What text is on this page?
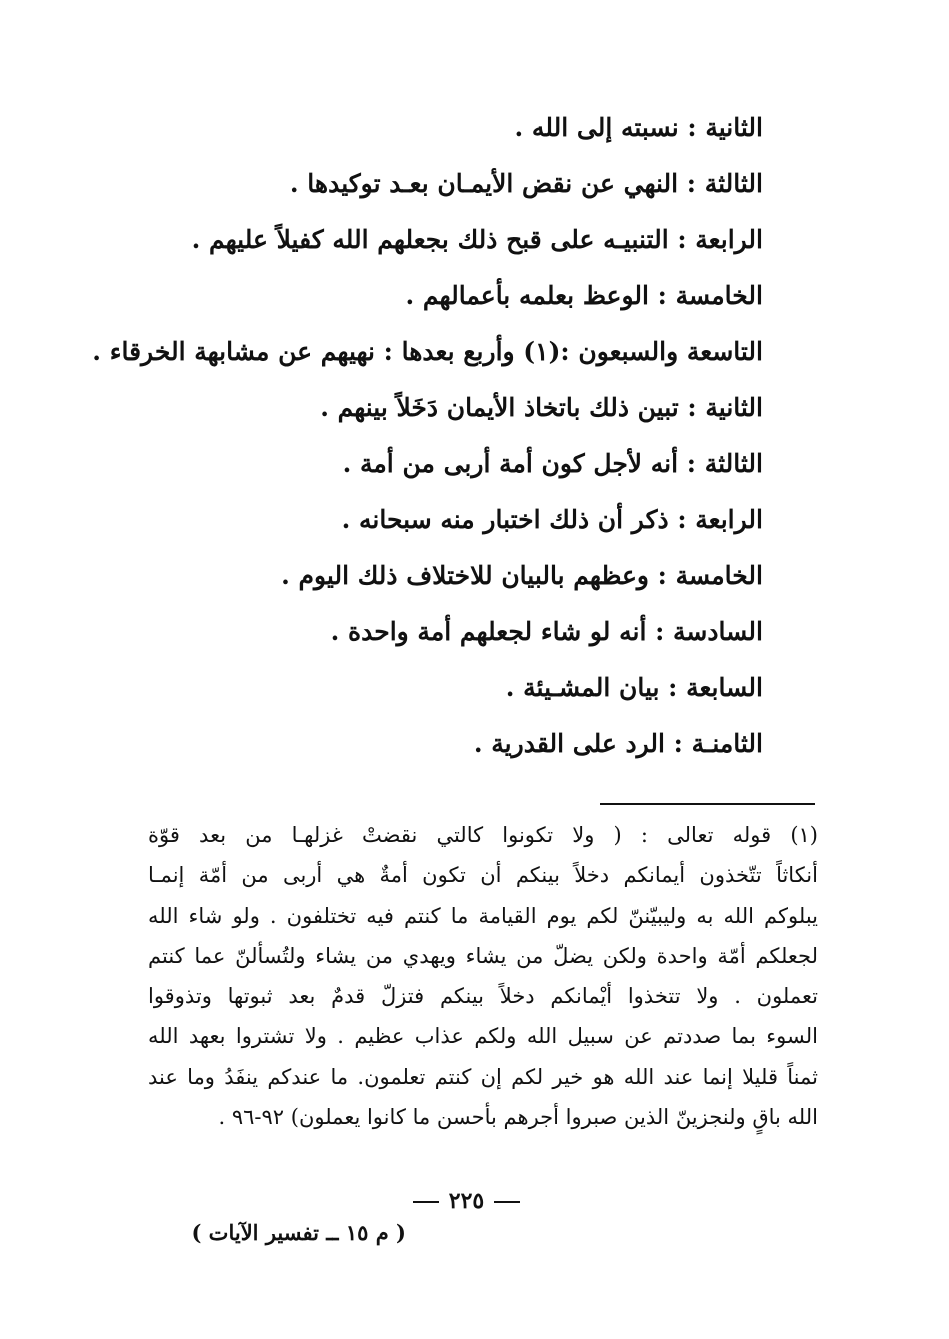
الثانية : نسبته إلى الله .
الثالثة : النهي عن نقض الأيمـان بعـد توكيدها .
الرابعة : التنبيـه على قبح ذلك بجعلهم الله كفيلاً عليهم .
الخامسة : الوعظ بعلمه بأعمالهم .
التاسعة والسبعون :(١) وأربع بعدها : نهيهم عن مشابهة الخرقاء .
الثانية : تبين ذلك باتخاذ الأيمان دَخَلاً بينهم .
الثالثة : أنه لأجل كون أمة أربى من أمة .
الرابعة : ذكر أن ذلك اختبار منه سبحانه .
الخامسة : وعظهم بالبيان للاختلاف ذلك اليوم .
السادسة : أنه لو شاء لجعلهم أمة واحدة .
السابعة : بيان المشـيئة .
الثامنـة : الرد على القدرية .
(١) قوله تعالى : ( ولا تكونوا كالتي نقضتْ غزلهـا من بعد قوّة
أنكاثاً تتّخذون أيمانكم دخلاً بينكم أن تكون أمةٌ هي أربى من أمّة إنمـا
يبلوكم الله به وليبيّننّ لكم يوم القيامة ما كنتم فيه تختلفون . ولو شاء الله
لجعلكم أمّة واحدة ولكن يضلّ من يشاء ويهدي من يشاء ولتُسألنّ عما كنتم
تعملون . ولا تتخذوا أيْمانكم دخلاً بينكم فتزلّ قدمٌ بعد ثبوتها وتذوقوا
السوء بما صددتم عن سبيل الله ولكم عذاب عظيم . ولا تشتروا بعهد الله
ثمناً قليلا إنما عند الله هو خير لكم إن كنتم تعلمون. ما عندكم ينفَدُ وما عند
الله باقٍ ولنجزينّ الذين صبروا أجرهم بأحسن ما كانوا يعملون) ٩٢-٩٦ .
٢٢٥
( م ١٥ ــ تفسير الآيات )
